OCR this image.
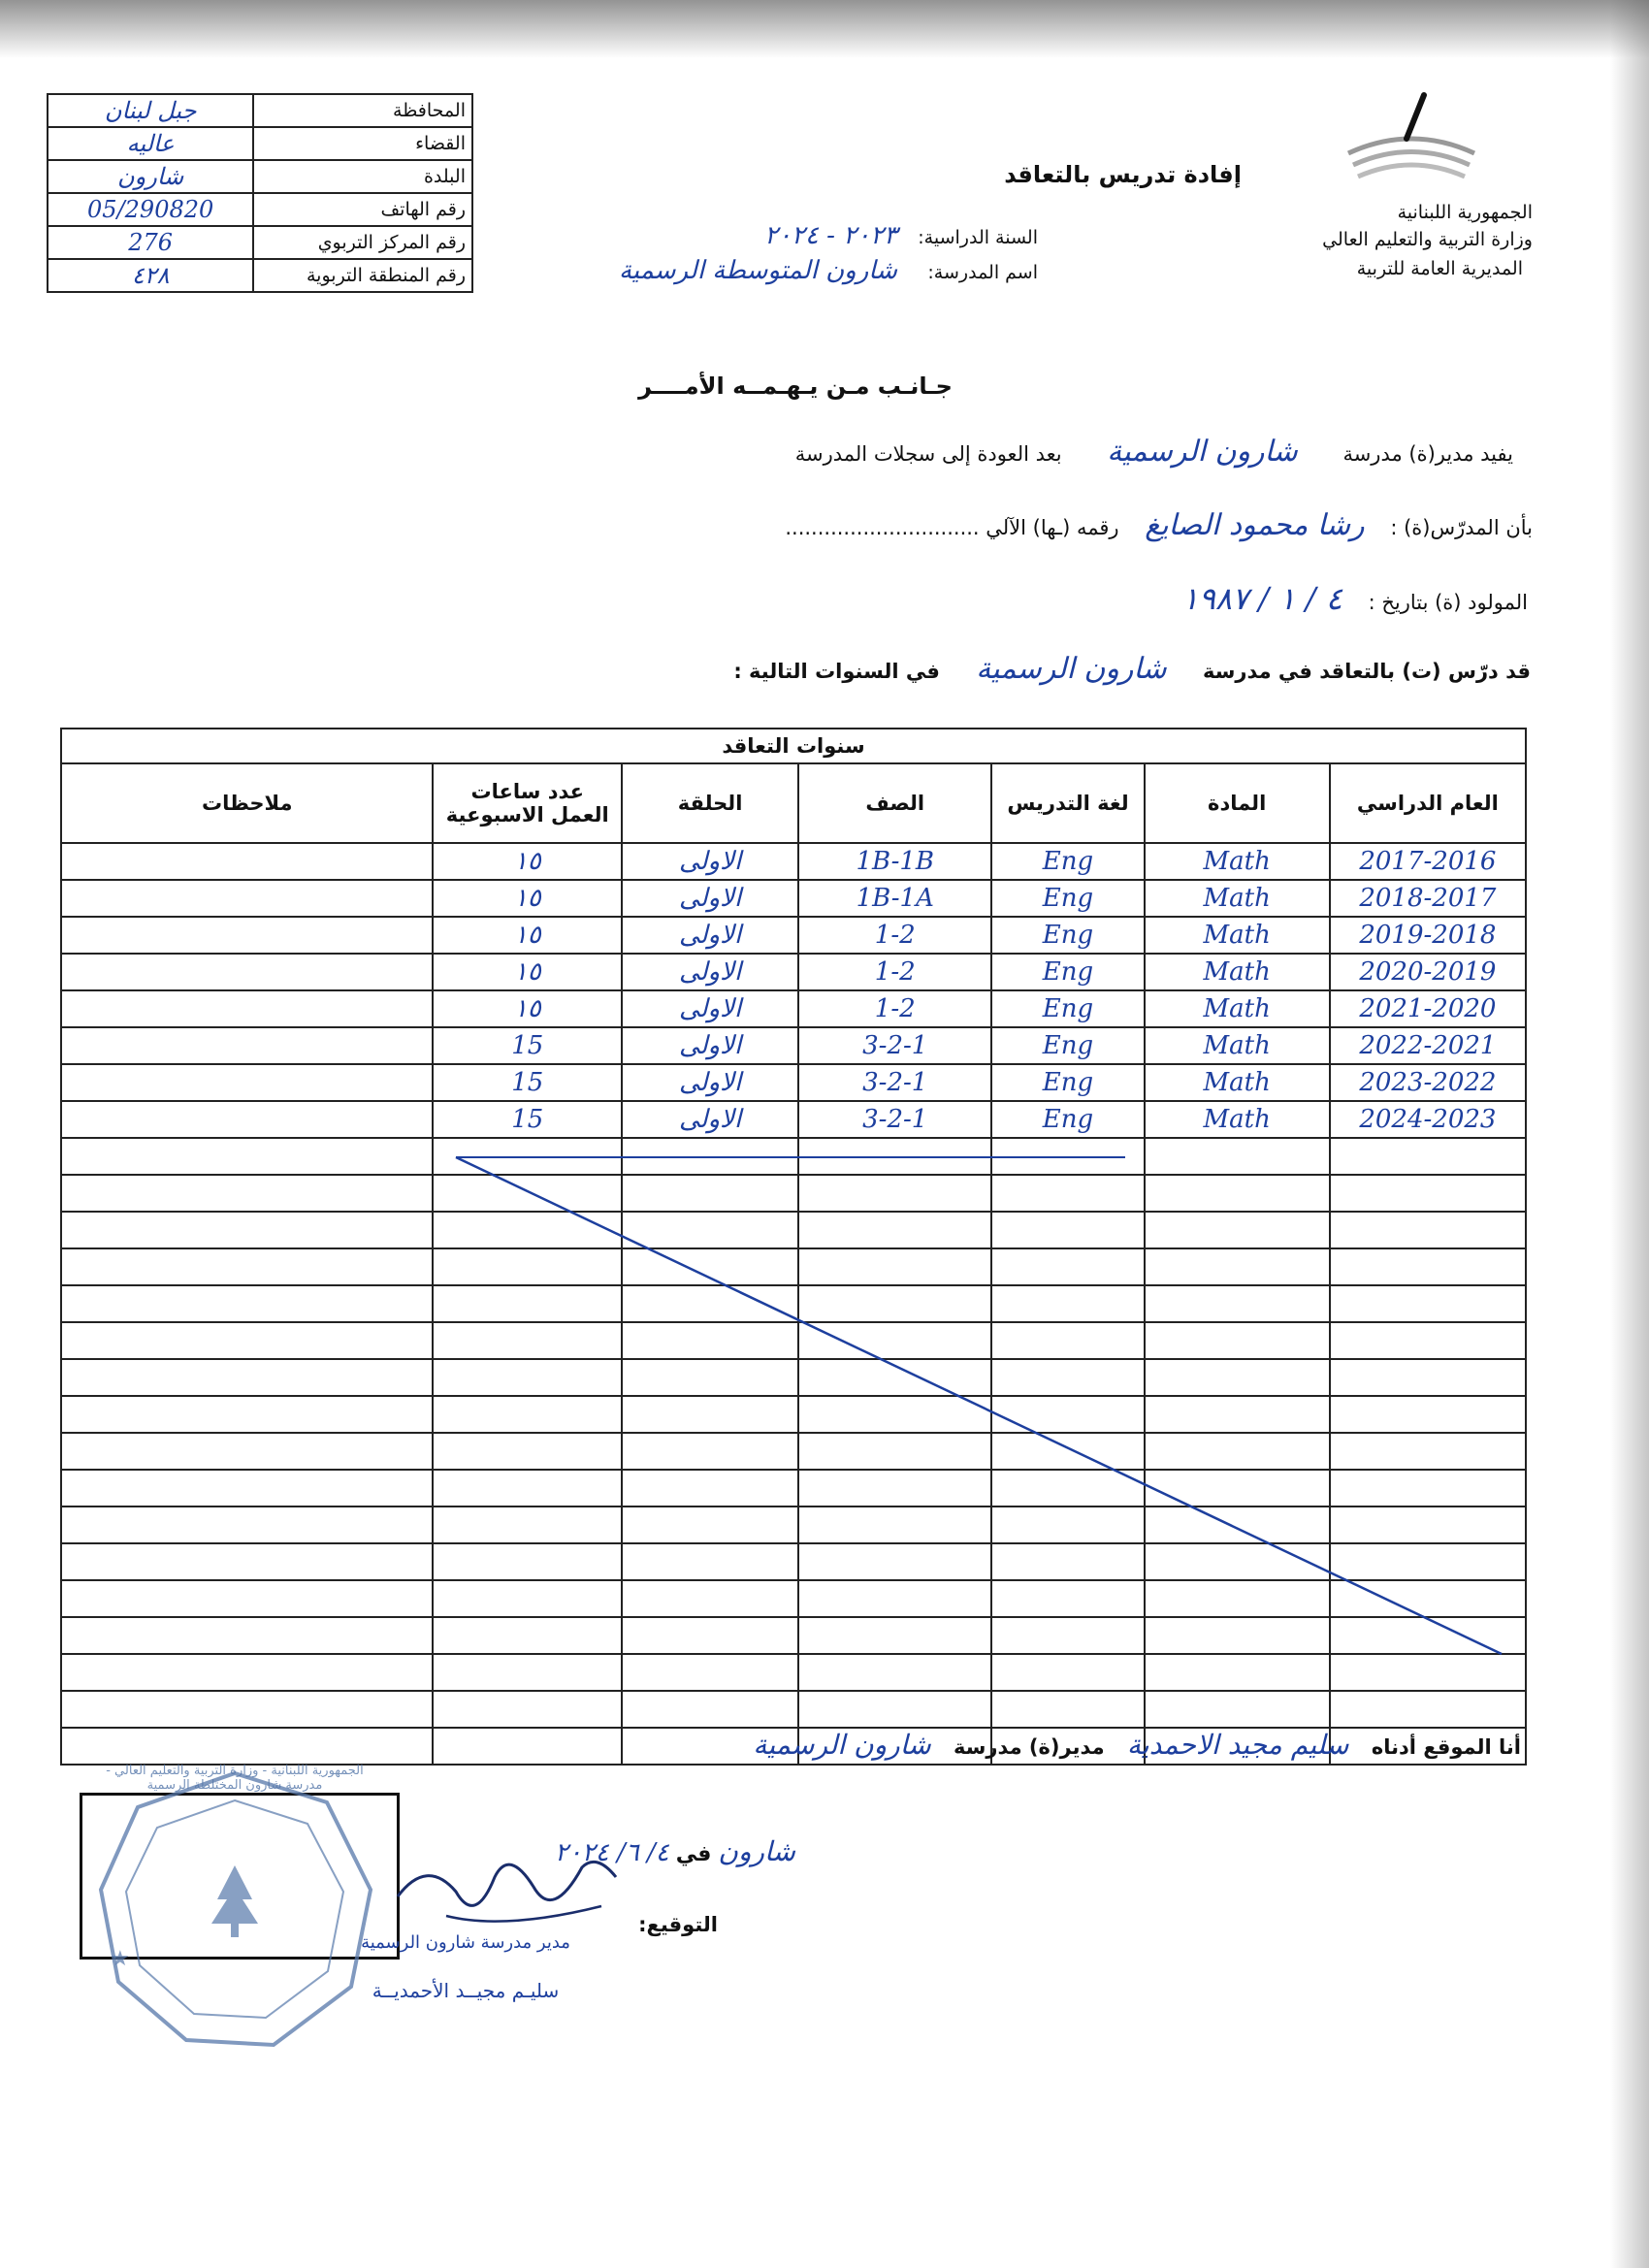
جبل لبنان	المحافظة
عاليه	القضاء
شارون	البلدة
05/290820	رقم الهاتف
276	رقم المركز التربوي
٤٢٨	رقم المنطقة التربوية
إفادة تدريس بالتعاقد
الجمهورية اللبنانية
وزارة التربية والتعليم العالي
المديرية العامة للتربية
السنة الدراسية:
٢٠٢٣ - ٢٠٢٤
اسم المدرسة:
شارون المتوسطة الرسمية
جـانـب مـن يـهـمــه الأمــــر
يفيد مدير(ة) مدرسة شارون الرسمية بعد العودة إلى سجلات المدرسة
بأن المدرّس(ة) : رشا محمود الصايغ رقمه (ـها) الآلي ..............................
المولود (ة) بتاريخ : ٤ / ١ / ١٩٨٧
قد درّس (ت) بالتعاقد في مدرسة شارون الرسمية في السنوات التالية :
سنوات التعاقد						
العام الدراسي	المادة	لغة التدريس	الصف	الحلقة	عدد ساعات العمل الاسبوعية	ملاحظات
2017-2016	Math	Eng	1B-1B	الاولى	١٥	
2018-2017	Math	Eng	1B-1A	الاولى	١٥	
2019-2018	Math	Eng	1-2	الاولى	١٥	
2020-2019	Math	Eng	1-2	الاولى	١٥	
2021-2020	Math	Eng	1-2	الاولى	١٥	
2022-2021	Math	Eng	3-2-1	الاولى	15	
2023-2022	Math	Eng	3-2-1	الاولى	15	
2024-2023	Math	Eng	3-2-1	الاولى	15	

أنا الموقع أدناه سليم مجيد الاحمدية مدير(ة) مدرسة شارون الرسمية
شارون في ٤/ ٦/ ٢٠٢٤
التوقيع:
★
الجمهورية اللبنانية - وزارة التربية والتعليم العالي - مدرسة شارون المختلطة الرسمية
مدير مدرسة شارون الرسمية
سليـم مجيــد الأحمديــة
